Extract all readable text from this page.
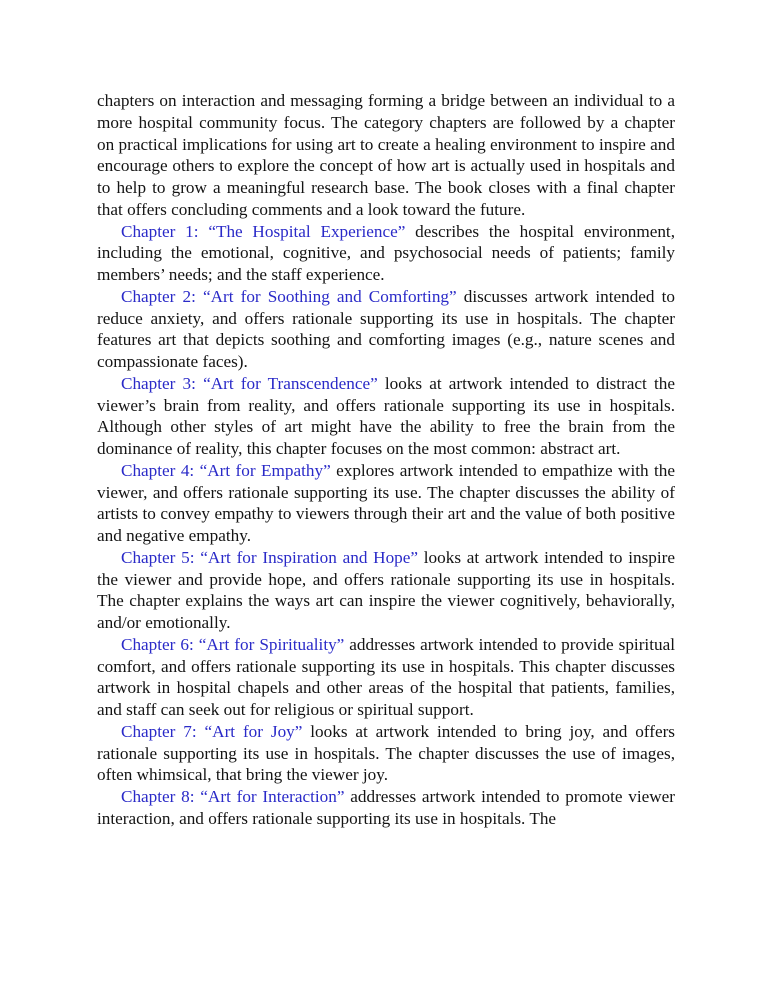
chapters on interaction and messaging forming a bridge between an individual to a more hospital community focus. The category chapters are followed by a chapter on practical implications for using art to create a healing environment to inspire and encourage others to explore the concept of how art is actually used in hospitals and to help to grow a meaningful research base. The book closes with a final chapter that offers concluding comments and a look toward the future.

Chapter 1: “The Hospital Experience” describes the hospital environment, including the emotional, cognitive, and psychosocial needs of patients; family members’ needs; and the staff experience.

Chapter 2: “Art for Soothing and Comforting” discusses artwork intended to reduce anxiety, and offers rationale supporting its use in hospitals. The chapter features art that depicts soothing and comforting images (e.g., nature scenes and compassionate faces).

Chapter 3: “Art for Transcendence” looks at artwork intended to distract the viewer’s brain from reality, and offers rationale supporting its use in hospitals. Although other styles of art might have the ability to free the brain from the dominance of reality, this chapter focuses on the most common: abstract art.

Chapter 4: “Art for Empathy” explores artwork intended to empathize with the viewer, and offers rationale supporting its use. The chapter discusses the ability of artists to convey empathy to viewers through their art and the value of both positive and negative empathy.

Chapter 5: “Art for Inspiration and Hope” looks at artwork intended to inspire the viewer and provide hope, and offers rationale supporting its use in hospitals. The chapter explains the ways art can inspire the viewer cognitively, behaviorally, and/or emotionally.

Chapter 6: “Art for Spirituality” addresses artwork intended to provide spiritual comfort, and offers rationale supporting its use in hospitals. This chapter discusses artwork in hospital chapels and other areas of the hospital that patients, families, and staff can seek out for religious or spiritual support.

Chapter 7: “Art for Joy” looks at artwork intended to bring joy, and offers rationale supporting its use in hospitals. The chapter discusses the use of images, often whimsical, that bring the viewer joy.

Chapter 8: “Art for Interaction” addresses artwork intended to promote viewer interaction, and offers rationale supporting its use in hospitals. The
